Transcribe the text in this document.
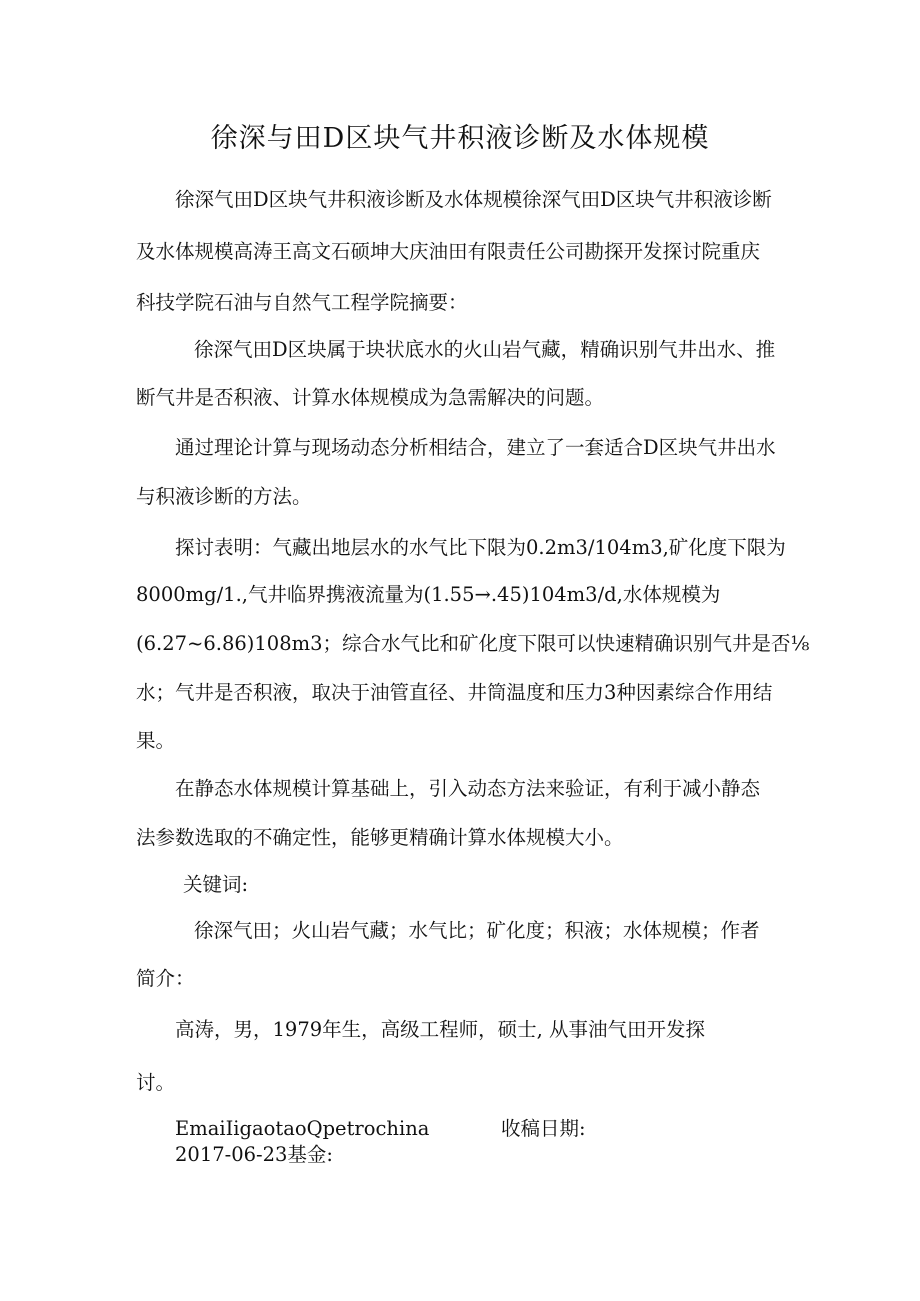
徐深与田D区块气井积液诊断及水体规模
徐深气田D区块气井积液诊断及水体规模徐深气田D区块气井积液诊断
及水体规模高涛王高文石硕坤大庆油田有限责任公司勘探开发探讨院重庆
科技学院石油与自然气工程学院摘要：
徐深气田D区块属于块状底水的火山岩气藏，精确识别气井出水、推
断气井是否积液、计算水体规模成为急需解决的问题。
通过理论计算与现场动态分析相结合，建立了一套适合D区块气井出水
与积液诊断的方法。
探讨表明：气藏出地层水的水气比下限为0.2m3/104m3,矿化度下限为
8000mg∕1.,气井临界携液流量为(1.55→.45)104m3∕d,水体规模为
(6.27~6.86)108m3；综合水气比和矿化度下限可以快速精确识别气井是否⅛
水；气井是否积液，取决于油管直径、井筒温度和压力3种因素综合作用结
果。
在静态水体规模计算基础上，引入动态方法来验证，有利于减小静态
法参数选取的不确定性，能够更精确计算水体规模大小。
关键词:
徐深气田；火山岩气藏；水气比；矿化度；积液；水体规模；作者
简介：
高涛，男，1979年生，高级工程师，硕士, 从事油气田开发探
讨。
EmaiIigaotaoQpetrochina	收稿日期:
2017-06-23基金:
